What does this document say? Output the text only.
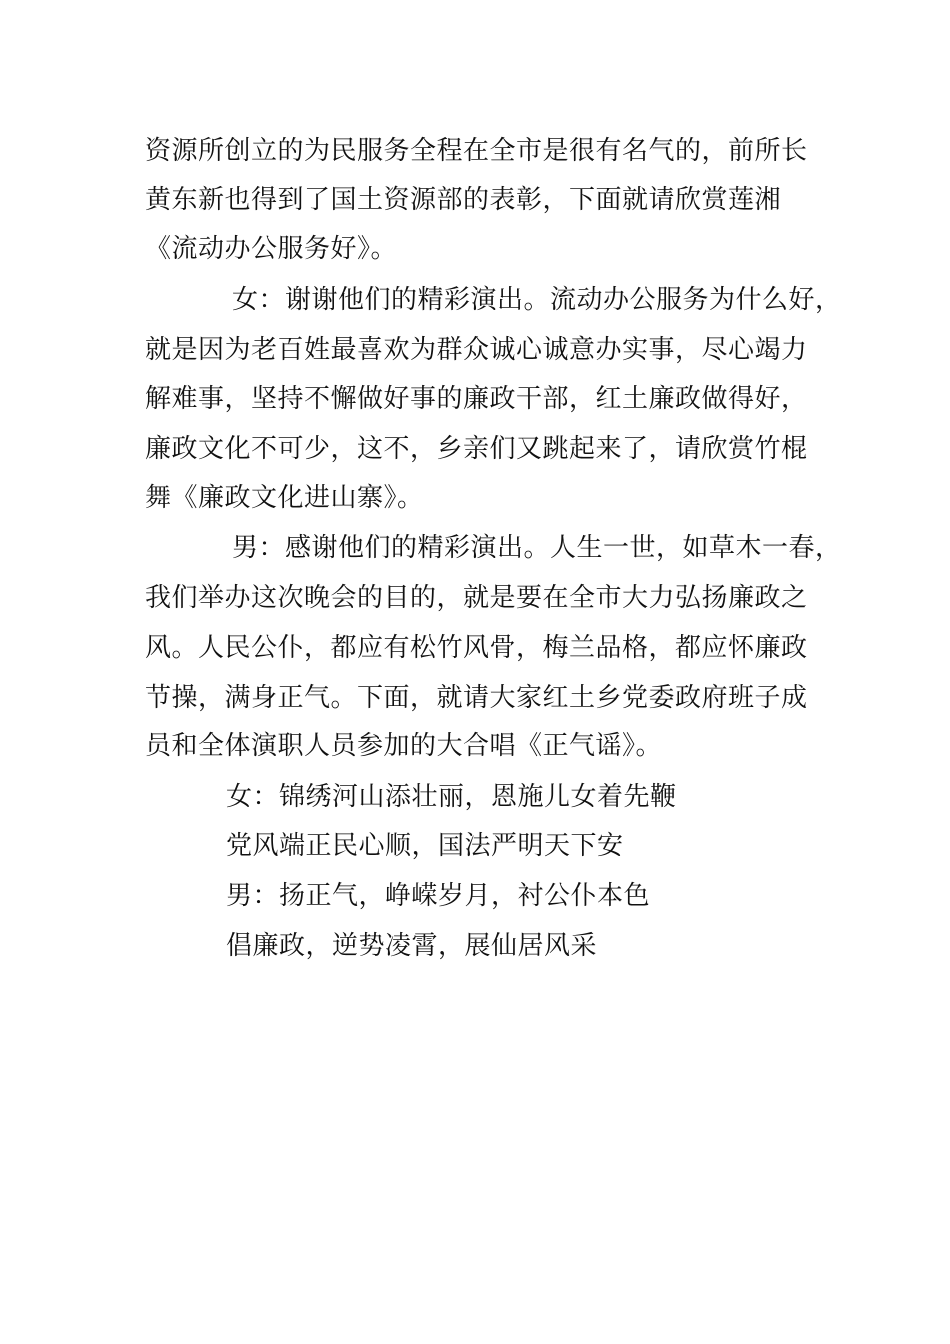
资源所创立的为民服务全程在全市是很有名气的，前所长
黄东新也得到了国土资源部的表彰，下面就请欣赏莲湘
《流动办公服务好》。
女：谢谢他们的精彩演出。流动办公服务为什么好，
就是因为老百姓最喜欢为群众诚心诚意办实事，尽心竭力
解难事，坚持不懈做好事的廉政干部，红土廉政做得好，
廉政文化不可少，这不，乡亲们又跳起来了，请欣赏竹棍
舞《廉政文化进山寨》。
男：感谢他们的精彩演出。人生一世，如草木一春，
我们举办这次晚会的目的，就是要在全市大力弘扬廉政之
风。人民公仆，都应有松竹风骨，梅兰品格，都应怀廉政
节操，满身正气。下面，就请大家红土乡党委政府班子成
员和全体演职人员参加的大合唱《正气谣》。
女：锦绣河山添壮丽，恩施儿女着先鞭
党风端正民心顺，国法严明天下安
男：扬正气，峥嵘岁月，衬公仆本色
倡廉政，逆势凌霄，展仙居风采
